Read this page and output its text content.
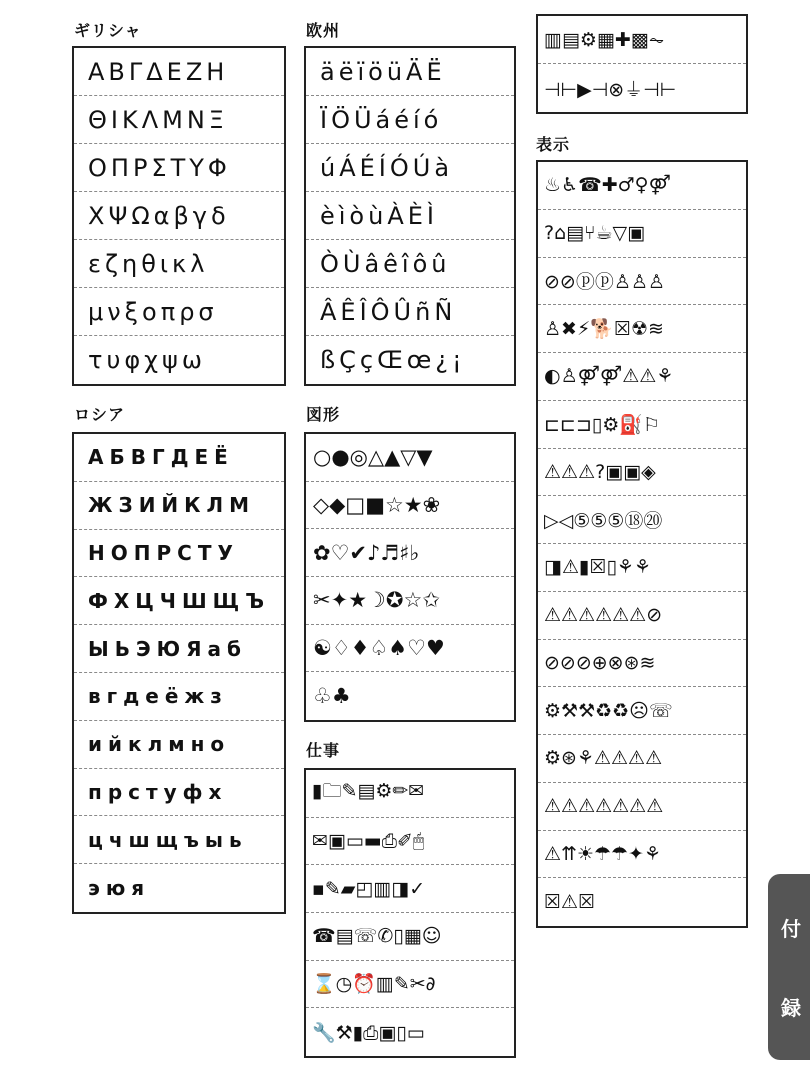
ギリシャ
ΑΒΓΔΕΖΗ
ΘΙΚΛΜΝΞ
ΟΠΡΣΤΥΦ
ΧΨΩαβγδ
εζηθικλ
μνξοπρσ
τυφχψω
欧州
äëïöüÄË
ÏÖÜáéíó
úÁÉÍÓÚà
èìòùÀÈÌ
ÒÙâêîôû
ÂÊÎÔÛñÑ
ßÇçŒœ¿¡
▥▤⚙▦✚▩⏦
⊣⊢▶⊣⊗⏚⊣⊢
表示
♨♿☎✚♂♀⚤
?⌂▤⑂☕▽▣
⊘⊘ⓟⓟ♙♙♙
♙✖⚡🐕☒☢≋
◐♙⚤⚤⚠⚠⚘
⊏⊏⊐▯⚙⛽⚐
⚠⚠⚠?▣▣◈
▷◁⑤⑤⑤⑱⑳
◨⚠▮☒▯⚘⚘
⚠⚠⚠⚠⚠⚠⊘
⊘⊘⊘⊕⊗⊛≋
⚙⚒⚒♻♻☹☏
⚙⊛⚘⚠⚠⚠⚠
⚠⚠⚠⚠⚠⚠⚠
⚠⇈☀☂☂✦⚘
☒⚠☒
ロシア
АБВГДЕЁ
ЖЗИЙКЛМ
НОПРСТУ
ФХЦЧШЩЪ
ЫЬЭЮЯаб
вгдеёжз
ийклмно
прстуфх
цчшщъыь
эюя
図形
○●◎△▲▽▼
◇◆□■☆★❀
✿♡✔♪♬♯♭
✂✦★☽✪☆✩
☯♢♦♤♠♡♥
♧♣
仕事
▮🗀✎▤⚙✏✉
✉▣▭▬⎙✐🖱
▪✎▰◰▥◨✓
☎▤☏✆▯▦☺
⌛◷⏰▥✎✂∂
🔧⚒▮⎙▣▯▭
付
録
